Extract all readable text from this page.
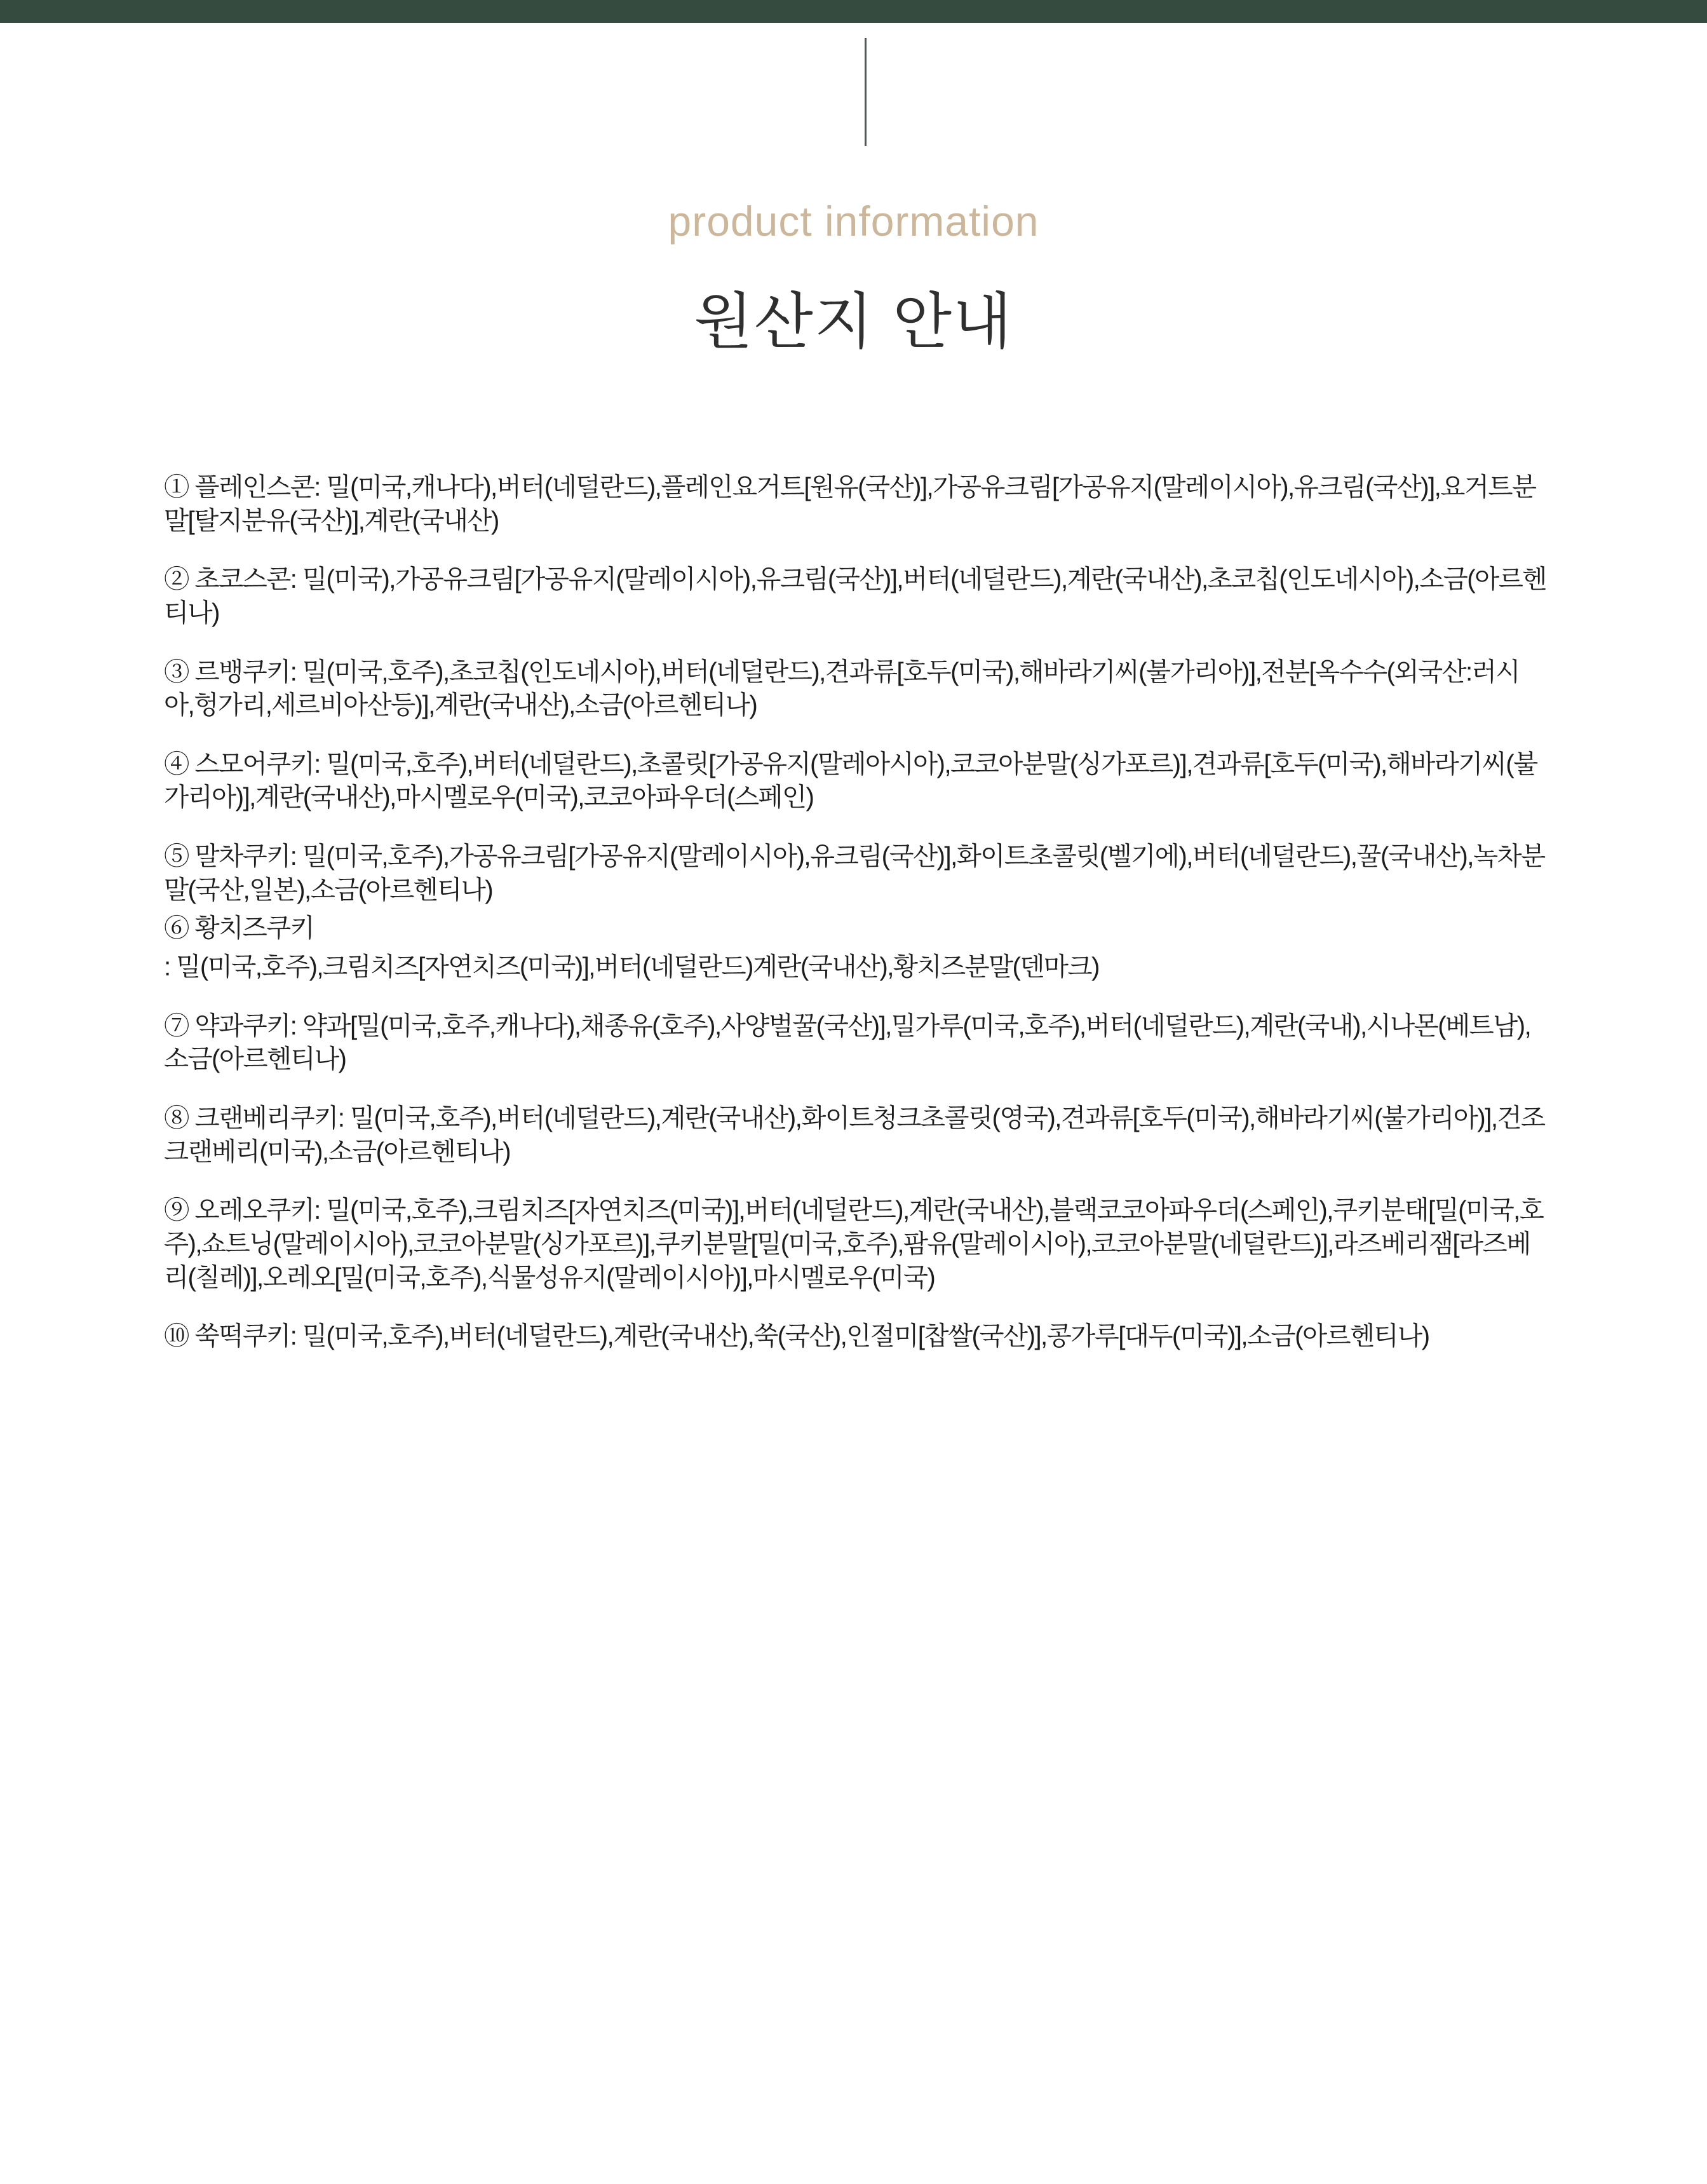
product information
원산지 안내

① 플레인스콘: 밀(미국,캐나다),버터(네덜란드),플레인요거트[원유(국산)],가공유크림[가공유지(말레이시아),유크림(국산)],요거트분말[탈지분유(국산)],계란(국내산)

② 초코스콘: 밀(미국),가공유크림[가공유지(말레이시아),유크림(국산)],버터(네덜란드),계란(국내산),초코칩(인도네시아),소금(아르헨티나)

③ 르뱅쿠키: 밀(미국,호주),초코칩(인도네시아),버터(네덜란드),견과류[호두(미국),해바라기씨(불가리아)],전분[옥수수(외국산:러시아,헝가리,세르비아산등)],계란(국내산),소금(아르헨티나)

④ 스모어쿠키: 밀(미국,호주),버터(네덜란드),초콜릿[가공유지(말레아시아),코코아분말(싱가포르)],견과류[호두(미국),해바라기씨(불가리아)],계란(국내산),마시멜로우(미국),코코아파우더(스페인)

⑤ 말차쿠키: 밀(미국,호주),가공유크림[가공유지(말레이시아),유크림(국산)],화이트초콜릿(벨기에),버터(네덜란드),꿀(국내산),녹차분말(국산,일본),소금(아르헨티나)

⑥ 황치즈쿠키

: 밀(미국,호주),크림치즈[자연치즈(미국)],버터(네덜란드)계란(국내산),황치즈분말(덴마크)

⑦ 약과쿠키: 약과[밀(미국,호주,캐나다),채종유(호주),사양벌꿀(국산)],밀가루(미국,호주),버터(네덜란드),계란(국내),시나몬(베트남),소금(아르헨티나)

⑧ 크랜베리쿠키: 밀(미국,호주),버터(네덜란드),계란(국내산),화이트청크초콜릿(영국),견과류[호두(미국),해바라기씨(불가리아)],건조크랜베리(미국),소금(아르헨티나)

⑨ 오레오쿠키: 밀(미국,호주),크림치즈[자연치즈(미국)],버터(네덜란드),계란(국내산),블랙코코아파우더(스페인),쿠키분태[밀(미국,호주),쇼트닝(말레이시아),코코아분말(싱가포르)],쿠키분말[밀(미국,호주),팜유(말레이시아),코코아분말(네덜란드)],라즈베리잼[라즈베리(칠레)],오레오[밀(미국,호주),식물성유지(말레이시아)],마시멜로우(미국)

⑩ 쑥떡쿠키: 밀(미국,호주),버터(네덜란드),계란(국내산),쑥(국산),인절미[찹쌀(국산)],콩가루[대두(미국)],소금(아르헨티나)
